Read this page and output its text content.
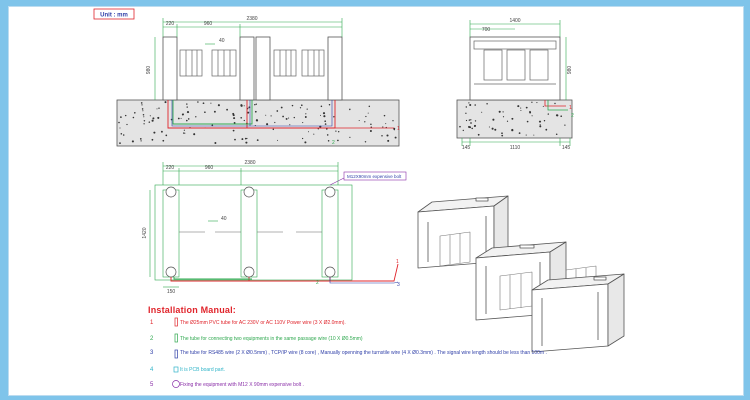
Unit : mm
2380
220	960
40
980
1
2
1400
700
980
145	1110	145
1
2
M12X90mm expensive bolt
2380
220	960
40
1420
150
1
2	3
Installation Manual:
1	The Ø25mm PVC tube for AC 230V or AC 110V Power wire (3 X Ø2.0mm).
2	The tube for connecting two equipments in the same passage wire (10 X Ø0.5mm)
3	The tube for RS485 wire (2 X Ø0.5mm) , TCP/IP wire (8 core) , Manually openning the turnstile wire (4 X Ø0.3mm) . The signal wire length should be less than 100m .
4	It is PCB board part.
5	Fixing the equipment with M12 X 90mm expensive bolt .
